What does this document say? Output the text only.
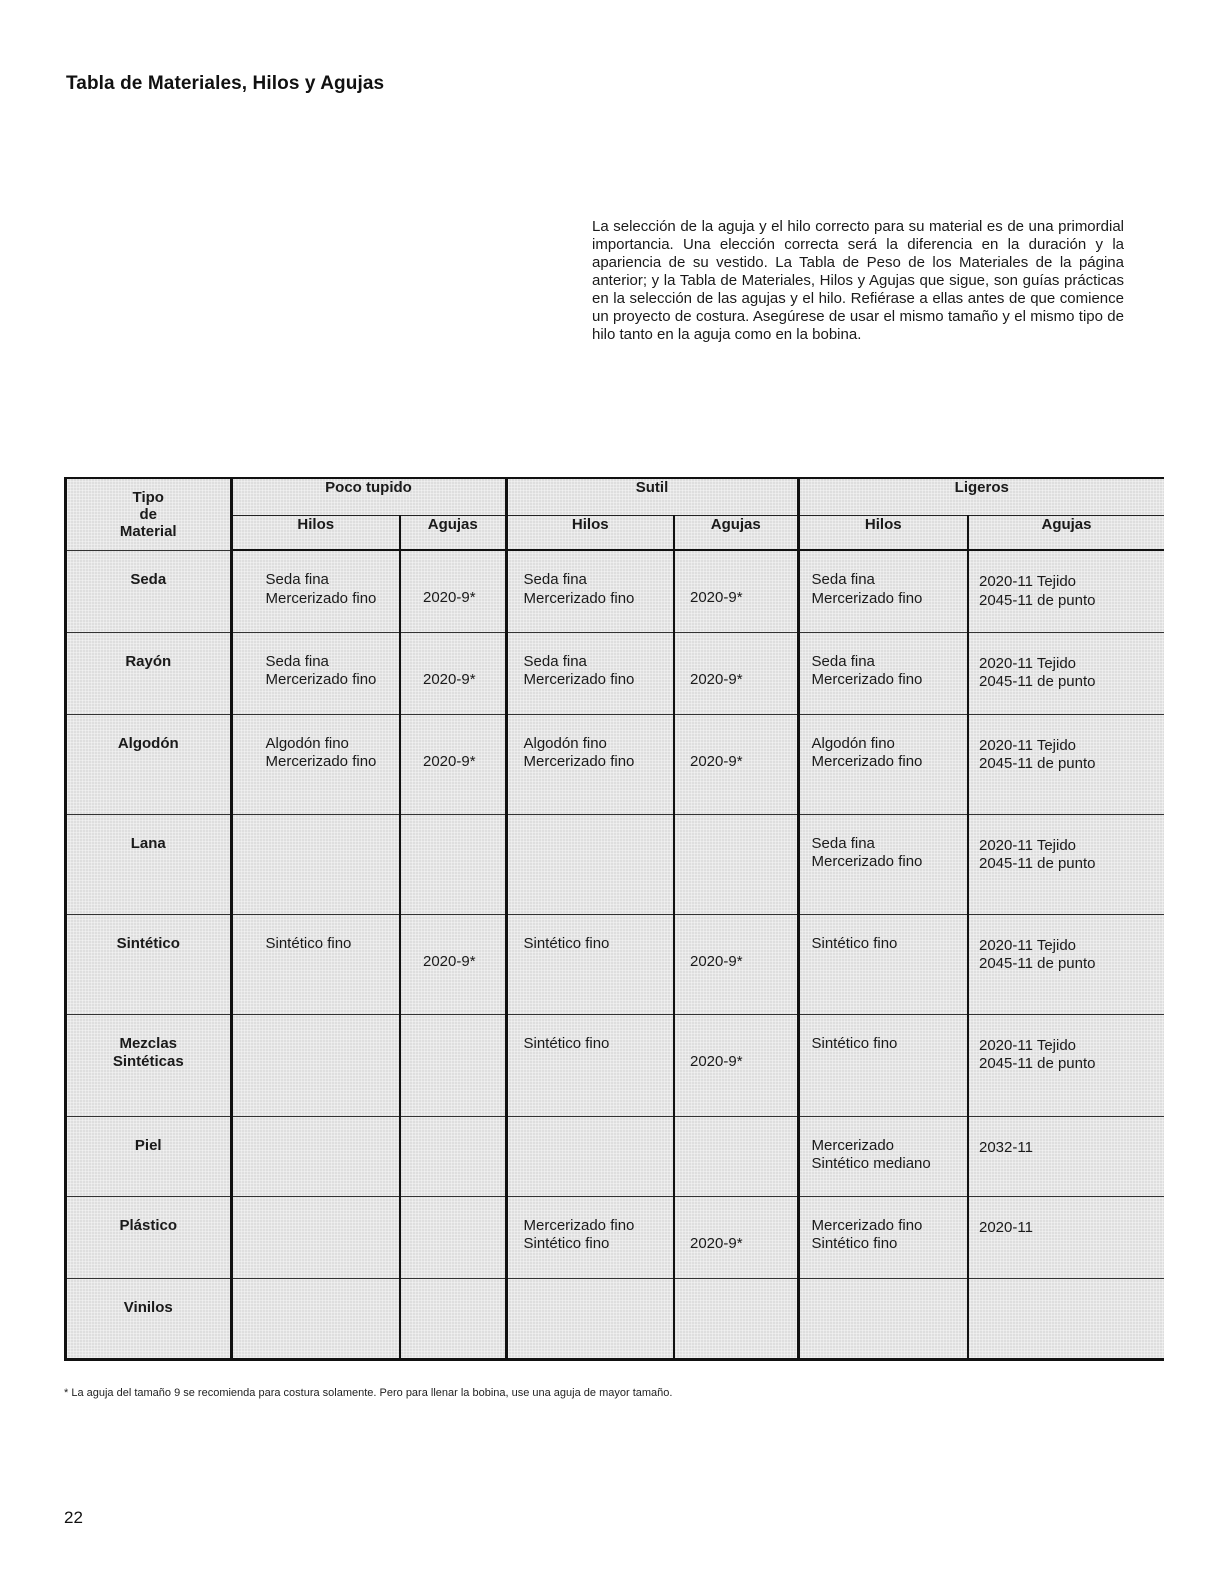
Tabla de Materiales, Hilos y Agujas

La selección de la aguja y el hilo correcto para su material es de una primordial importancia. Una elección correcta será la diferencia en la duración y la apariencia de su vestido. La Tabla de Peso de los Materiales de la página anterior; y la Tabla de Materiales, Hilos y Agujas que sigue, son guías prácticas en la selección de las agujas y el hilo. Refiérase a ellas antes de que comience un proyecto de costura. Asegúrese de usar el mismo tamaño y el mismo tipo de hilo tanto en la aguja como en la bobina.

Tipo
de
Material	Poco tupido		Sutil		Ligeros	
	Hilos	Agujas	Hilos	Agujas	Hilos	Agujas

Seda	Seda fina
Mercerizado fino	2020-9*	Seda fina
Mercerizado fino	2020-9*	Seda fina
Mercerizado fino	2020-11 Tejido
2045-11 de punto

Rayón	Seda fina
Mercerizado fino	2020-9*	Seda fina
Mercerizado fino	2020-9*	Seda fina
Mercerizado fino	2020-11 Tejido
2045-11 de punto

Algodón	Algodón fino
Mercerizado fino	2020-9*	Algodón fino
Mercerizado fino	2020-9*	Algodón fino
Mercerizado fino	2020-11 Tejido
2045-11 de punto

Lana					Seda fina
Mercerizado fino	2020-11 Tejido
2045-11 de punto

Sintético	Sintético fino	2020-9*	Sintético fino	2020-9*	Sintético fino	2020-11 Tejido
2045-11 de punto

Mezclas
Sintéticas			Sintético fino	2020-9*	Sintético fino	2020-11 Tejido
2045-11 de punto

Piel					Mercerizado
Sintético mediano	2032-11

Plástico			Mercerizado fino
Sintético fino	2020-9*	Mercerizado fino
Sintético fino	2020-11

Vinilos						

* La aguja del tamaño 9 se recomienda para costura solamente. Pero para llenar la bobina, use una aguja de mayor tamaño.

22
